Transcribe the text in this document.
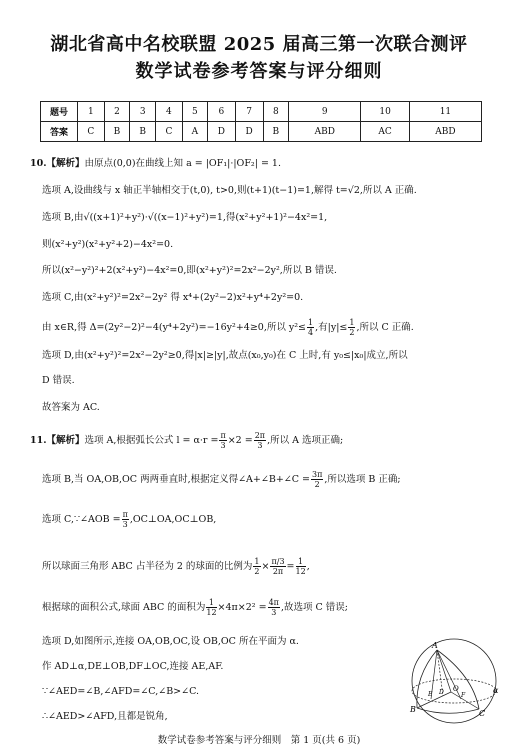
湖北省高中名校联盟 2025 届高三第一次联合测评
数学试卷参考答案与评分细则
题号	1	2	3	4	5	6	7	8	9	10	11
答案	C	B	B	C	A	D	D	B	ABD	AC	ABD
10.【解析】由原点(0,0)在曲线上知 a = |OF₁|·|OF₂| = 1.
选项 A,设曲线与 x 轴正半轴相交于(t,0), t>0,则(t+1)(t−1)=1,解得 t=√2,所以 A 正确.
选项 B,由√((x+1)²+y²)·√((x−1)²+y²)=1,得(x²+y²+1)²−4x²=1,
则(x²+y²)(x²+y²+2)−4x²=0.
所以(x²−y²)²+2(x²+y²)−4x²=0,即(x²+y²)²=2x²−2y²,所以 B 错误.
选项 C,由(x²+y²)²=2x²−2y² 得 x⁴+(2y²−2)x²+y⁴+2y²=0.
由 x∈R,得 Δ=(2y²−2)²−4(y⁴+2y²)=−16y²+4≥0,所以 $y^2\le \frac{1}{4}$ ,有$|y|\le \frac{1}{2}$ ,所以 C 正确.
选项 D,由(x²+y²)²=2x²−2y²≥0,得|x|≥|y|,故点(x₀,y₀)在 C 上时,有 y₀≤|x₀|成立,所以
D 错误.
故答案为 AC.
11.【解析】选项 A,根据弧长公式 $l = \alpha\cdot r = \frac{\pi}{3} \times 2 = \frac{2\pi}{3}$ ,所以 A 选项正确;
选项 B,当 OA,OB,OC 两两垂直时,根据定义得∠A+∠B+∠C = $\frac{3\pi}{2}$ ,所以选项 B 正确;
选项 C,∵∠AOB = $\frac{\pi}{3}$ ,OC⊥OA,OC⊥OB,
所以球面三角形 ABC 占半径为 2 的球面的比例为 $\frac{1}{2} \times \frac{\pi/3}{2\pi} = \frac{1}{12}$ ,
根据球的面积公式,球面 ABC 的面积为 $\frac{1}{12} \times 4\pi\times 2^2 = \frac{4\pi}{3}$ ,故选项 C 错误;
选项 D,如图所示,连接 OA,OB,OC,设 OB,OC 所在平面为 α.
作 AD⊥α,DE⊥OB,DF⊥OC,连接 AE,AF.
∵∠AED=∠B,∠AFD=∠C,∠B>∠C.
∴∠AED>∠AFD,且都是锐角,
A
O
D
E	F
B	C
α
数学试卷参考答案与评分细则　第 1 页(共 6 页)
